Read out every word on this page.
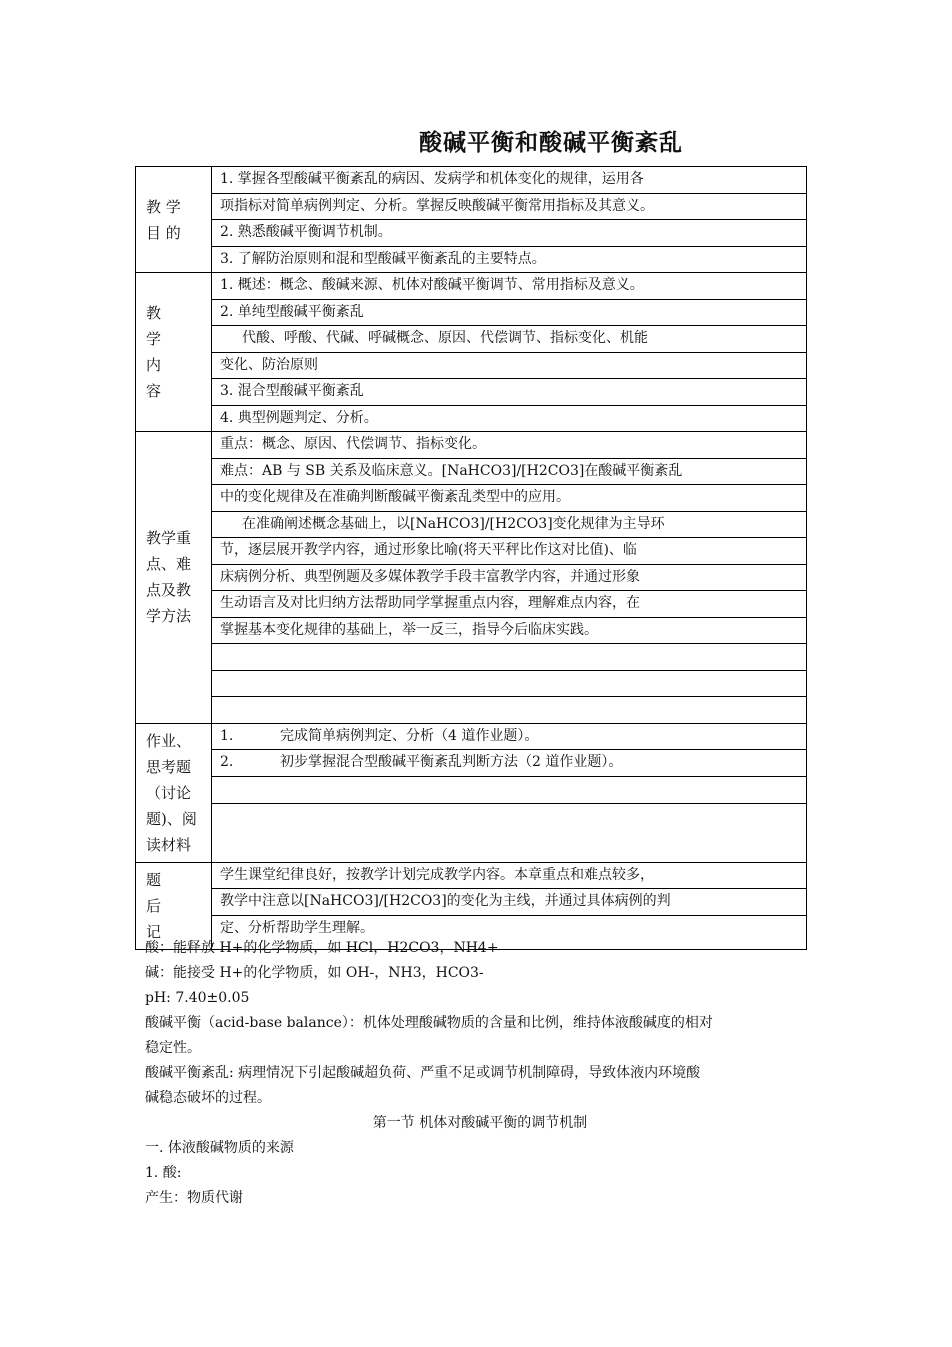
酸碱平衡和酸碱平衡紊乱
教 学
目 的
1. 掌握各型酸碱平衡紊乱的病因、发病学和机体变化的规律，运用各
项指标对简单病例判定、分析。掌握反映酸碱平衡常用指标及其意义。
2. 熟悉酸碱平衡调节机制。
3. 了解防治原则和混和型酸碱平衡紊乱的主要特点。
教
学
内
容
1. 概述：概念、酸碱来源、机体对酸碱平衡调节、常用指标及意义。
2. 单纯型酸碱平衡紊乱
代酸、呼酸、代碱、呼碱概念、原因、代偿调节、指标变化、机能
变化、防治原则
3. 混合型酸碱平衡紊乱
4. 典型例题判定、分析。
教学重
点、难
点及教
学方法
重点：概念、原因、代偿调节、指标变化。
难点：AB 与 SB 关系及临床意义。[NaHCO3]/[H2CO3]在酸碱平衡紊乱
中的变化规律及在准确判断酸碱平衡紊乱类型中的应用。
在准确阐述概念基础上，以[NaHCO3]/[H2CO3]变化规律为主导环
节，逐层展开教学内容，通过形象比喻(将天平秤比作这对比值)、临
床病例分析、典型例题及多媒体教学手段丰富教学内容，并通过形象
生动语言及对比归纳方法帮助同学掌握重点内容，理解难点内容，在
掌握基本变化规律的基础上，举一反三，指导今后临床实践。
作业、
思考题
（讨论
题)、阅
读材料
1.	完成简单病例判定、分析（4 道作业题）。
2.	初步掌握混合型酸碱平衡紊乱判断方法（2 道作业题）。
题
后
记
学生课堂纪律良好，按教学计划完成教学内容。本章重点和难点较多，
教学中注意以[NaHCO3]/[H2CO3]的变化为主线，并通过具体病例的判
定、分析帮助学生理解。
酸：能释放 H+的化学物质，如 HCl，H2CO3，NH4+
碱：能接受 H+的化学物质，如 OH-，NH3，HCO3-
pH: 7.40±0.05
酸碱平衡（acid-base balance）：机体处理酸碱物质的含量和比例，维持体液酸碱度的相对
稳定性。
酸碱平衡紊乱: 病理情况下引起酸碱超负荷、严重不足或调节机制障碍，导致体液内环境酸
碱稳态破坏的过程。
第一节 机体对酸碱平衡的调节机制
一. 体液酸碱物质的来源
1. 酸:
产生：物质代谢
